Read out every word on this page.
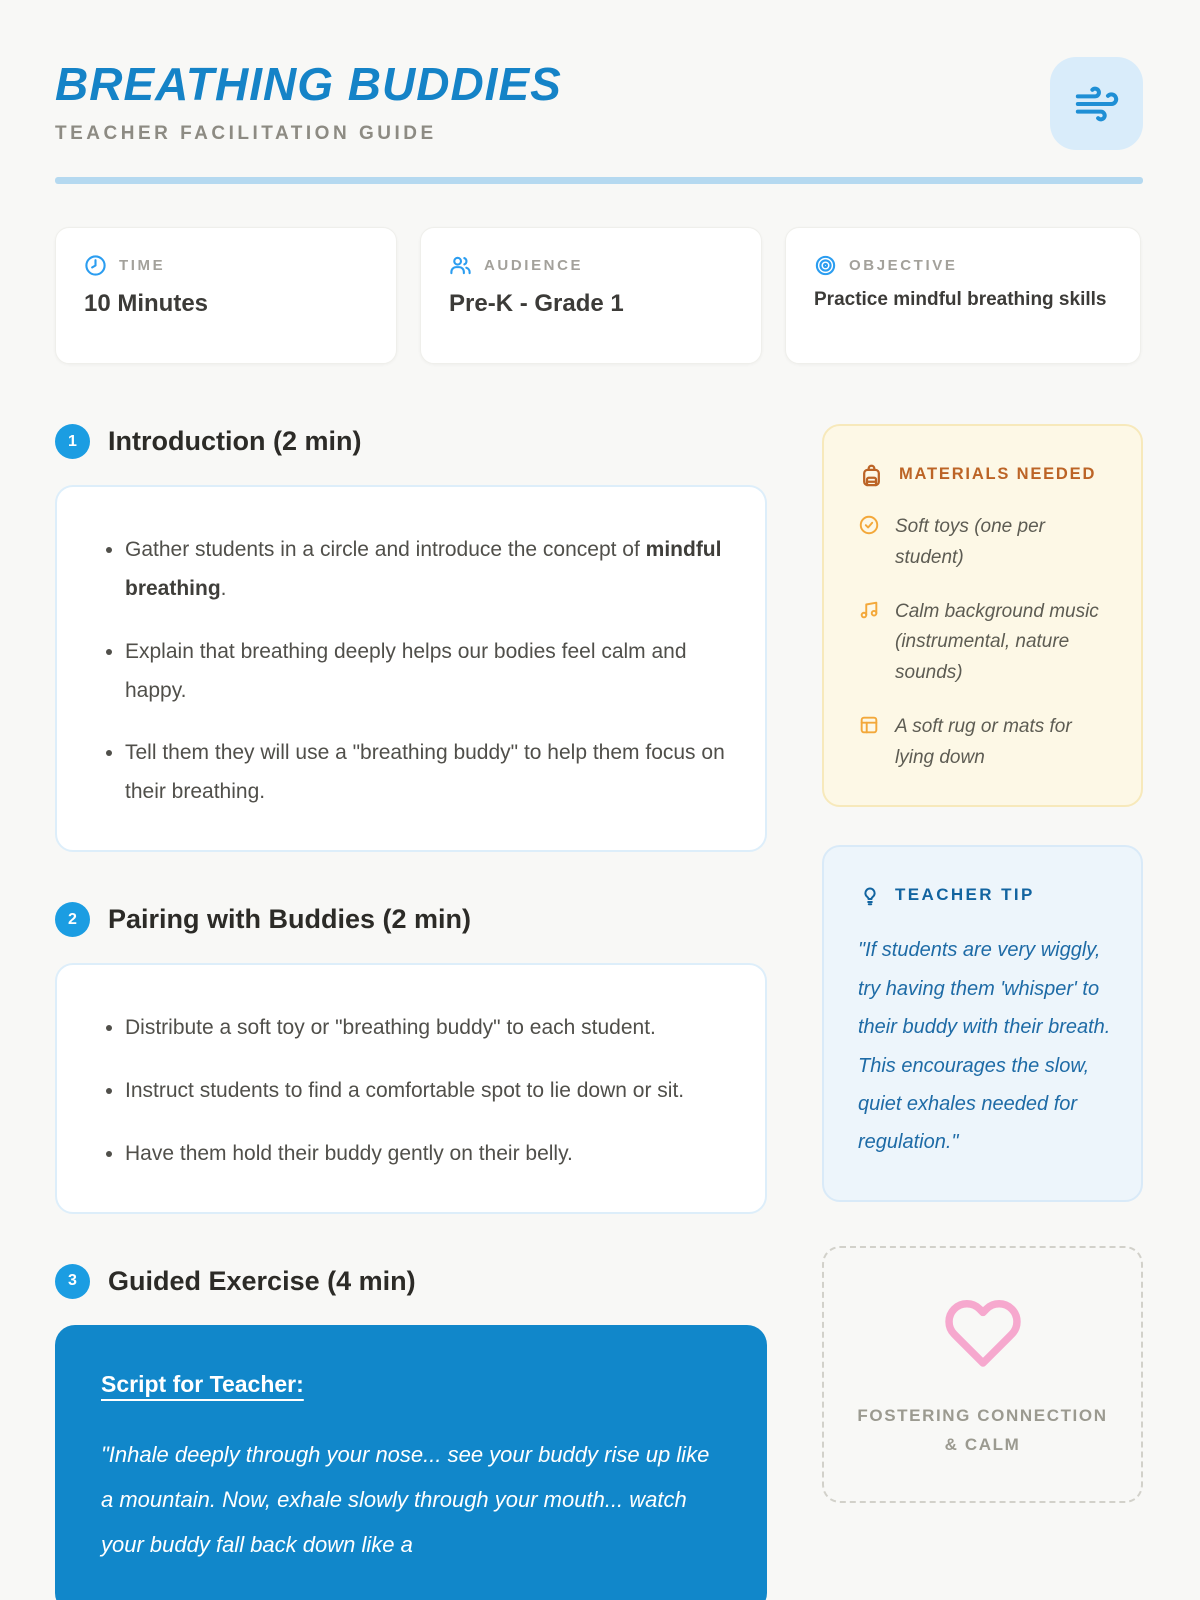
BREATHING BUDDIES
TEACHER FACILITATION GUIDE
TIME
10 Minutes
AUDIENCE
Pre-K - Grade 1
OBJECTIVE
Practice mindful breathing skills
1	Introduction (2 min)
• Gather students in a circle and introduce the concept of mindful breathing.
• Explain that breathing deeply helps our bodies feel calm and happy.
• Tell them they will use a "breathing buddy" to help them focus on their breathing.
2	Pairing with Buddies (2 min)
• Distribute a soft toy or "breathing buddy" to each student.
• Instruct students to find a comfortable spot to lie down or sit.
• Have them hold their buddy gently on their belly.
3	Guided Exercise (4 min)
Script for Teacher:
"Inhale deeply through your nose... see your buddy rise up like a mountain. Now, exhale slowly through your mouth... watch your buddy fall back down like a
MATERIALS NEEDED
Soft toys (one per student)
Calm background music (instrumental, nature sounds)
A soft rug or mats for lying down
TEACHER TIP
"If students are very wiggly, try having them 'whisper' to their buddy with their breath. This encourages the slow, quiet exhales needed for regulation."
FOSTERING CONNECTION & CALM
